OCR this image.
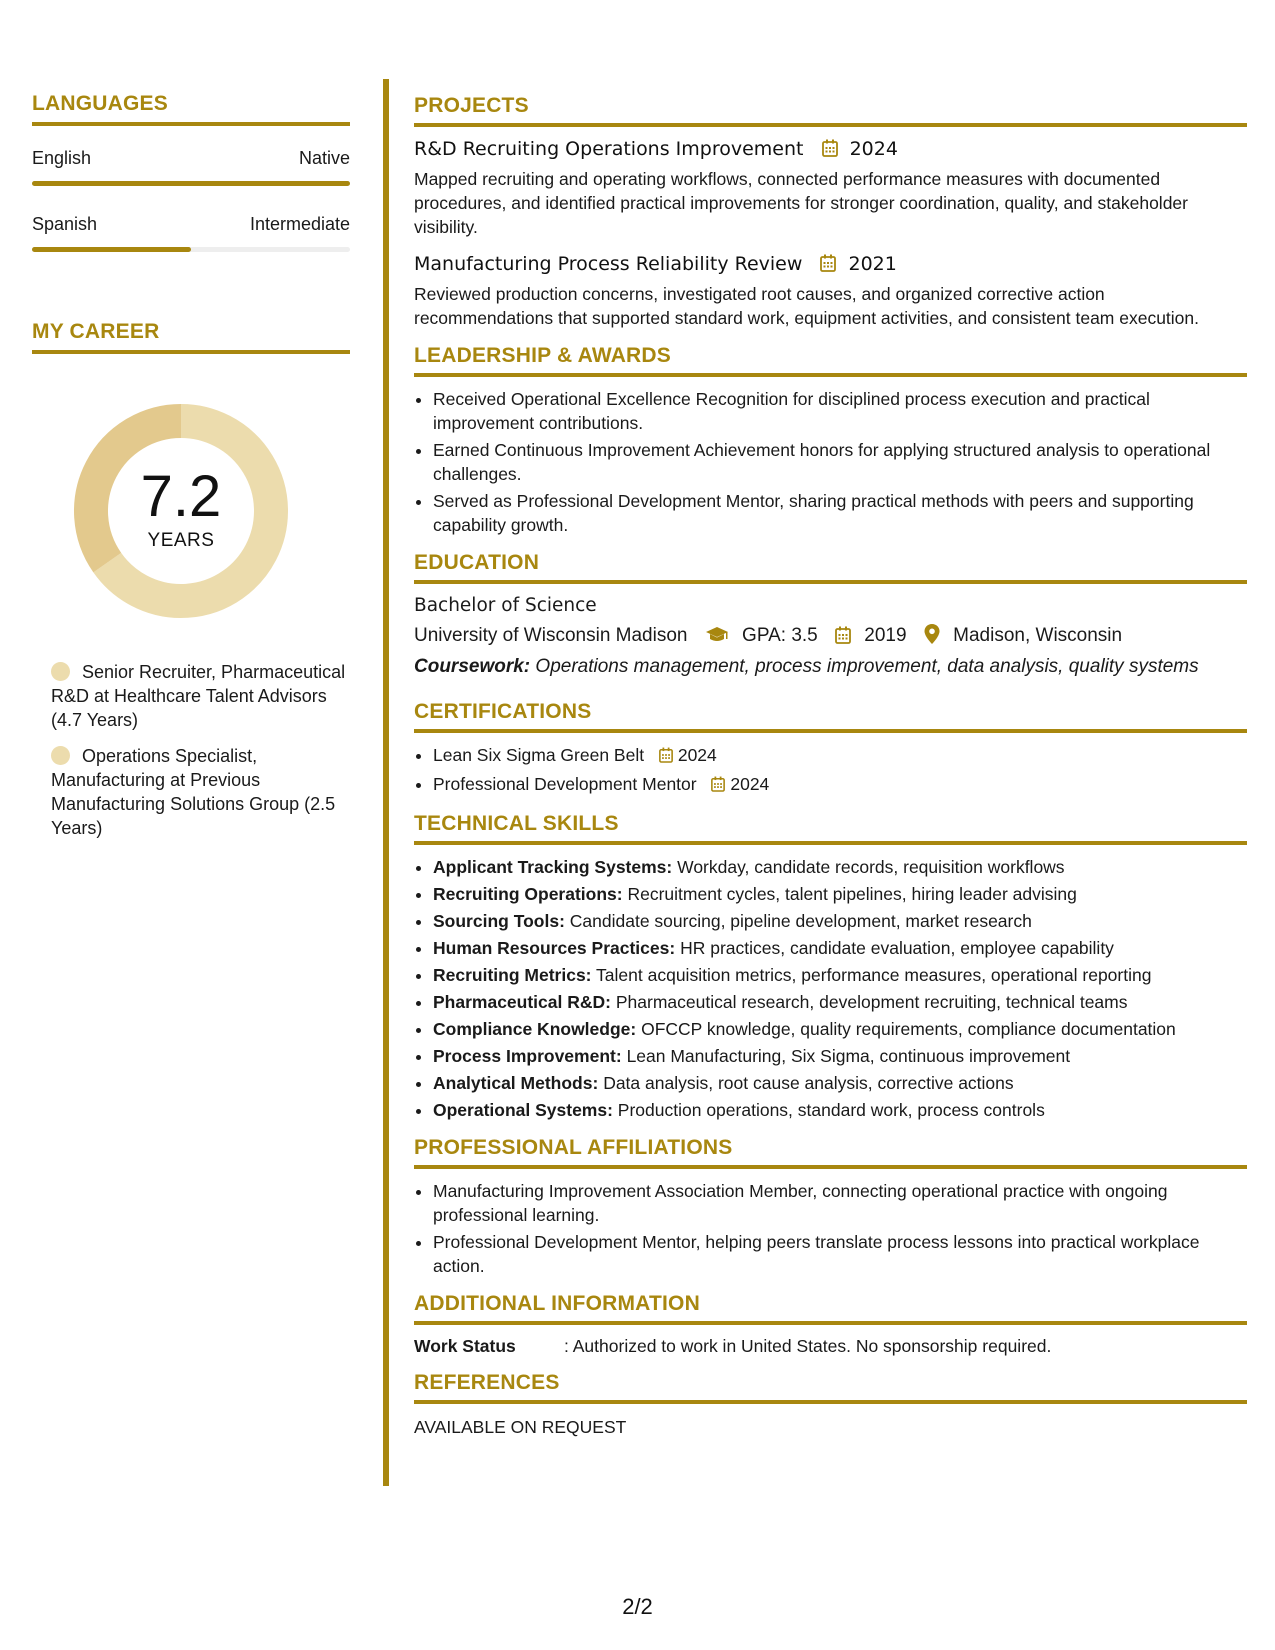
LANGUAGES
English	Native
Spanish	Intermediate
MY CAREER
7.2
YEARS
Senior Recruiter, Pharmaceutical R&D at Healthcare Talent Advisors (4.7 Years)
Operations Specialist, Manufacturing at Previous Manufacturing Solutions Group (2.5 Years)
PROJECTS
R&D Recruiting Operations Improvement 2024
Mapped recruiting and operating workflows, connected performance measures with documented procedures, and identified practical improvements for stronger coordination, quality, and stakeholder visibility.
Manufacturing Process Reliability Review 2021
Reviewed production concerns, investigated root causes, and organized corrective action recommendations that supported standard work, equipment activities, and consistent team execution.
LEADERSHIP & AWARDS
• Received Operational Excellence Recognition for disciplined process execution and practical improvement contributions.
• Earned Continuous Improvement Achievement honors for applying structured analysis to operational challenges.
• Served as Professional Development Mentor, sharing practical methods with peers and supporting capability growth.
EDUCATION
Bachelor of Science
University of Wisconsin Madison	GPA: 3.5 2019 Madison, Wisconsin
Coursework: Operations management, process improvement, data analysis, quality systems
CERTIFICATIONS
• Lean Six Sigma Green Belt 2024
• Professional Development Mentor 2024
TECHNICAL SKILLS
• Applicant Tracking Systems: Workday, candidate records, requisition workflows
• Recruiting Operations: Recruitment cycles, talent pipelines, hiring leader advising
• Sourcing Tools: Candidate sourcing, pipeline development, market research
• Human Resources Practices: HR practices, candidate evaluation, employee capability
• Recruiting Metrics: Talent acquisition metrics, performance measures, operational reporting
• Pharmaceutical R&D: Pharmaceutical research, development recruiting, technical teams
• Compliance Knowledge: OFCCP knowledge, quality requirements, compliance documentation
• Process Improvement: Lean Manufacturing, Six Sigma, continuous improvement
• Analytical Methods: Data analysis, root cause analysis, corrective actions
• Operational Systems: Production operations, standard work, process controls
PROFESSIONAL AFFILIATIONS
• Manufacturing Improvement Association Member, connecting operational practice with ongoing professional learning.
• Professional Development Mentor, helping peers translate process lessons into practical workplace action.
ADDITIONAL INFORMATION
Work Status	: Authorized to work in United States. No sponsorship required.
REFERENCES
AVAILABLE ON REQUEST
2/2
